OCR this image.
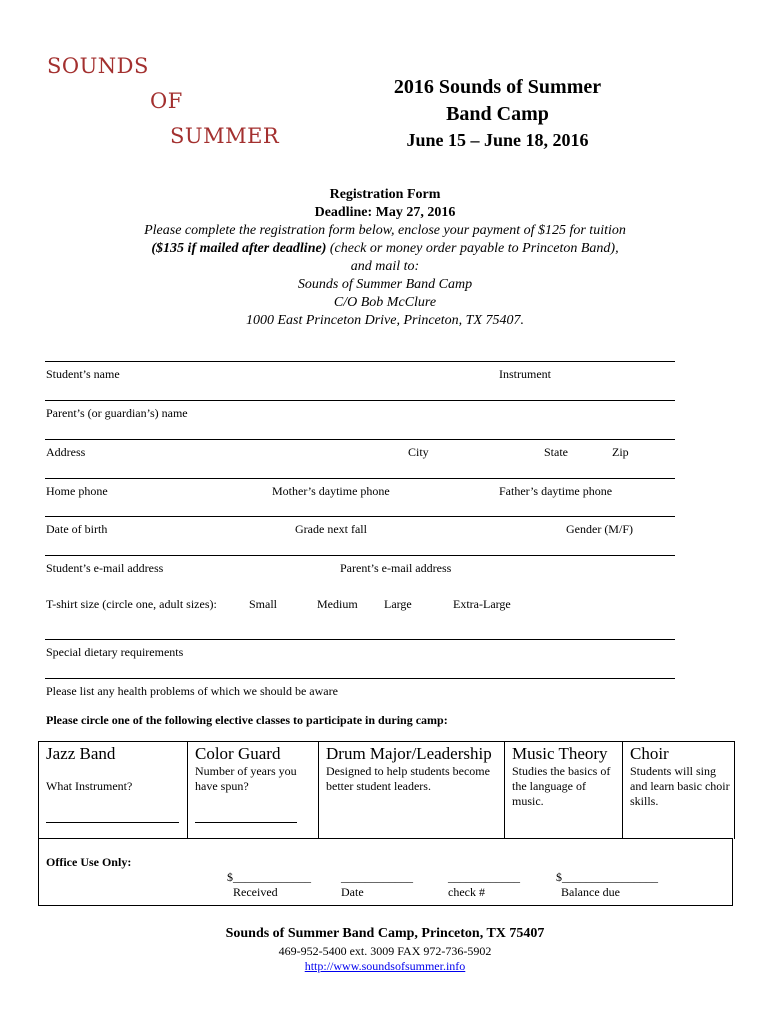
SOUNDS
OF
SUMMER
2016 Sounds of Summer
Band Camp
June 15 – June 18, 2016
Registration Form
Deadline: May 27, 2016
Please complete the registration form below, enclose your payment of $125 for tuition
($135 if mailed after deadline) (check or money order payable to Princeton Band),
and mail to:
Sounds of Summer Band Camp
C/O Bob McClure
1000 East Princeton Drive, Princeton, TX 75407.
Student’s name	Instrument
Parent’s (or guardian’s) name
Address	City	State	Zip
Home phone	Mother’s daytime phone	Father’s daytime phone
Date of birth	Grade next fall	Gender (M/F)
Student’s e-mail address	Parent’s e-mail address
T-shirt size (circle one, adult sizes):	Small	Medium Large	Extra-Large
Special dietary requirements
Please list any health problems of which we should be aware
Please circle one of the following elective classes to participate in during camp:
Jazz Band
What Instrument?
Color Guard
Number of years you have spun?
Drum Major/Leadership
Designed to help students become better student leaders.
Music Theory
Studies the basics of the language of music.
Choir
Students will sing and learn basic choir skills.
Office Use Only:
$_____________
Received
____________
Date
____________
check #
$________________
Balance due
Sounds of Summer Band Camp, Princeton, TX 75407
469-952-5400 ext. 3009 FAX 972-736-5902
http://www.soundsofsummer.info
